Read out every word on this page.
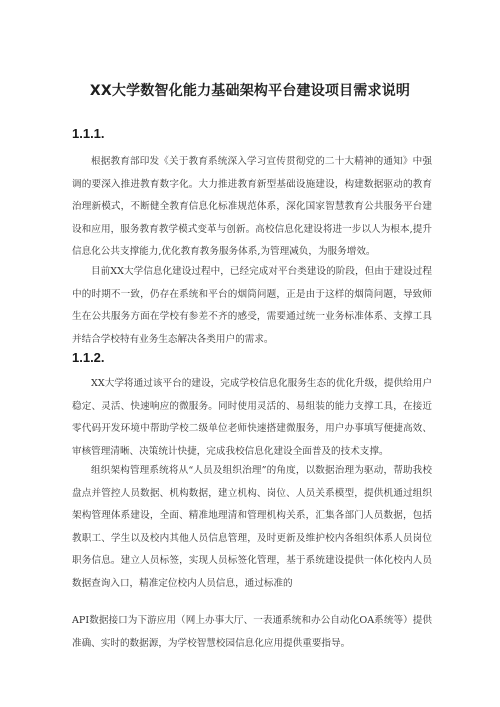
XX大学数智化能力基础架构平台建设项目需求说明
1.1.1.

根据教育部印发《关于教育系统深入学习宣传贯彻党的二十大精神的通知》中强调的要深入推进教育数字化。大力推进教育新型基础设施建设，构建数据驱动的教育治理新模式，不断健全教育信息化标准规范体系，深化国家智慧教育公共服务平台建设和应用，服务教育教学模式变革与创新。高校信息化建设将进一步以人为根本,提升信息化公共支撑能力,优化教育教务服务体系,为管理减负，为服务增效。

目前XX大学信息化建设过程中，已经完成对平台类建设的阶段，但由于建设过程中的时期不一致，仍存在系统和平台的烟筒问题，正是由于这样的烟筒问题，导致师生在公共服务方面在学校有参差不齐的感受，需要通过统一业务标准体系、支撑工具并结合学校特有业务生态解决各类用户的需求。

1.1.2.

XX大学将通过该平台的建设，完成学校信息化服务生态的优化升级，提供给用户稳定、灵活、快速响应的微服务。同时使用灵活的、易组装的能力支撑工具，在接近零代码开发环境中帮助学校二级单位老师快速搭建微服务，用户办事填写便捷高效、审核管理清晰、决策统计快捷，完成我校信息化建设全面普及的技术支撑。

组织架构管理系统将从“人员及组织治理”的角度，以数据治理为驱动，帮助我校盘点并管控人员数据、机构数据，建立机构、岗位、人员关系模型，提供机通过组织架构管理体系建设，全面、精准地理清和管理机构关系，汇集各部门人员数据，包括教职工、学生以及校内其他人员信息管理，及时更新及维护校内各组织体系人员岗位职务信息。建立人员标签，实现人员标签化管理，基于系统建设提供一体化校内人员数据查询入口，精准定位校内人员信息，通过标准的

API数据接口为下游应用（网上办事大厅、一表通系统和办公自动化OA系统等）提供准确、实时的数据源，为学校智慧校园信息化应用提供重要指导。
